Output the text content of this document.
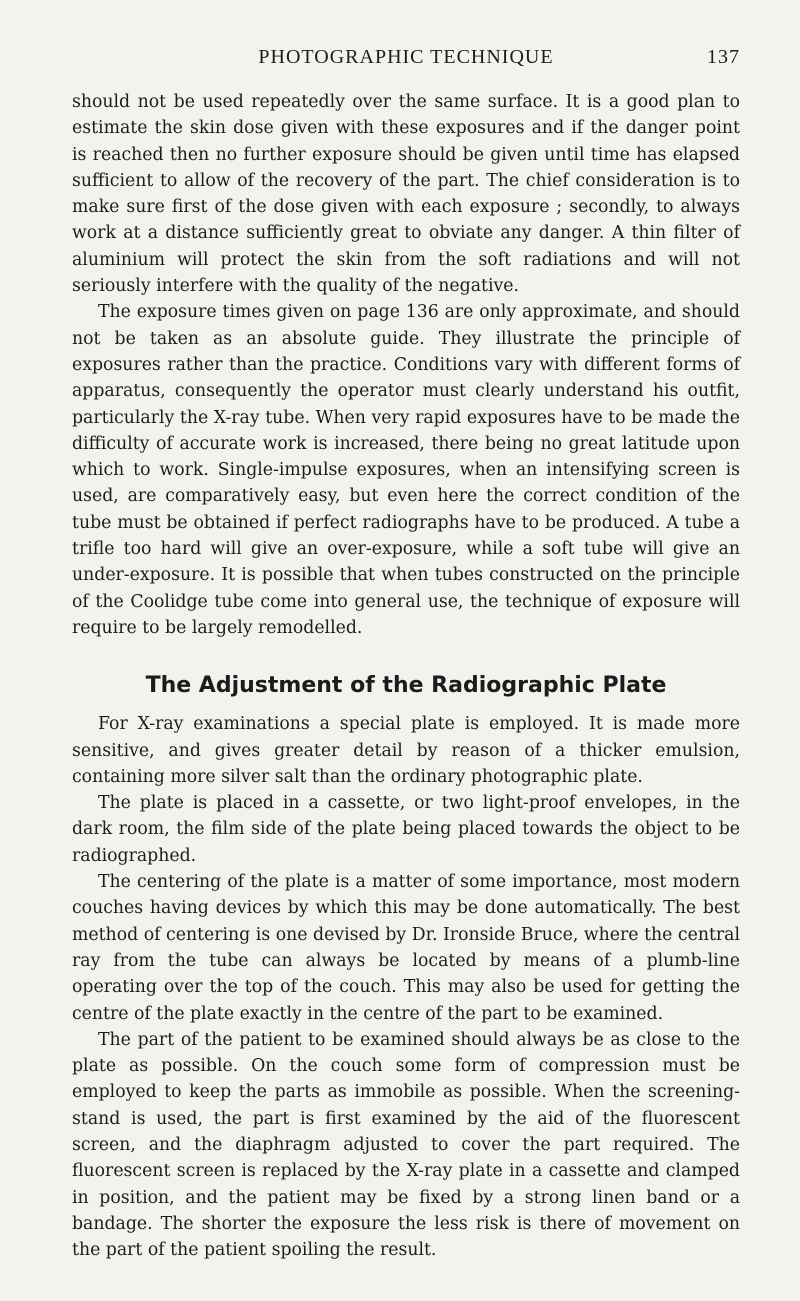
PHOTOGRAPHIC TECHNIQUE	137

should not be used repeatedly over the same surface. It is a good plan to estimate the skin dose given with these exposures and if the danger point is reached then no further exposure should be given until time has elapsed sufficient to allow of the recovery of the part. The chief consideration is to make sure first of the dose given with each exposure ; secondly, to always work at a distance sufficiently great to obviate any danger. A thin filter of aluminium will protect the skin from the soft radiations and will not seriously interfere with the quality of the negative.

The exposure times given on page 136 are only approximate, and should not be taken as an absolute guide. They illustrate the principle of exposures rather than the practice. Conditions vary with different forms of apparatus, consequently the operator must clearly understand his outfit, particularly the X-ray tube. When very rapid exposures have to be made the difficulty of accurate work is increased, there being no great latitude upon which to work. Single-impulse exposures, when an intensifying screen is used, are comparatively easy, but even here the correct condition of the tube must be obtained if perfect radiographs have to be produced. A tube a trifle too hard will give an over-exposure, while a soft tube will give an under-exposure. It is possible that when tubes constructed on the principle of the Coolidge tube come into general use, the technique of exposure will require to be largely remodelled.

The Adjustment of the Radiographic Plate

For X-ray examinations a special plate is employed. It is made more sensitive, and gives greater detail by reason of a thicker emulsion, containing more silver salt than the ordinary photographic plate.

The plate is placed in a cassette, or two light-proof envelopes, in the dark room, the film side of the plate being placed towards the object to be radiographed.

The centering of the plate is a matter of some importance, most modern couches having devices by which this may be done automatically. The best method of centering is one devised by Dr. Ironside Bruce, where the central ray from the tube can always be located by means of a plumb-line operating over the top of the couch. This may also be used for getting the centre of the plate exactly in the centre of the part to be examined.

The part of the patient to be examined should always be as close to the plate as possible. On the couch some form of compression must be employed to keep the parts as immobile as possible. When the screening-stand is used, the part is first examined by the aid of the fluorescent screen, and the diaphragm adjusted to cover the part required. The fluorescent screen is replaced by the X-ray plate in a cassette and clamped in position, and the patient may be fixed by a strong linen band or a bandage. The shorter the exposure the less risk is there of movement on the part of the patient spoiling the result.
